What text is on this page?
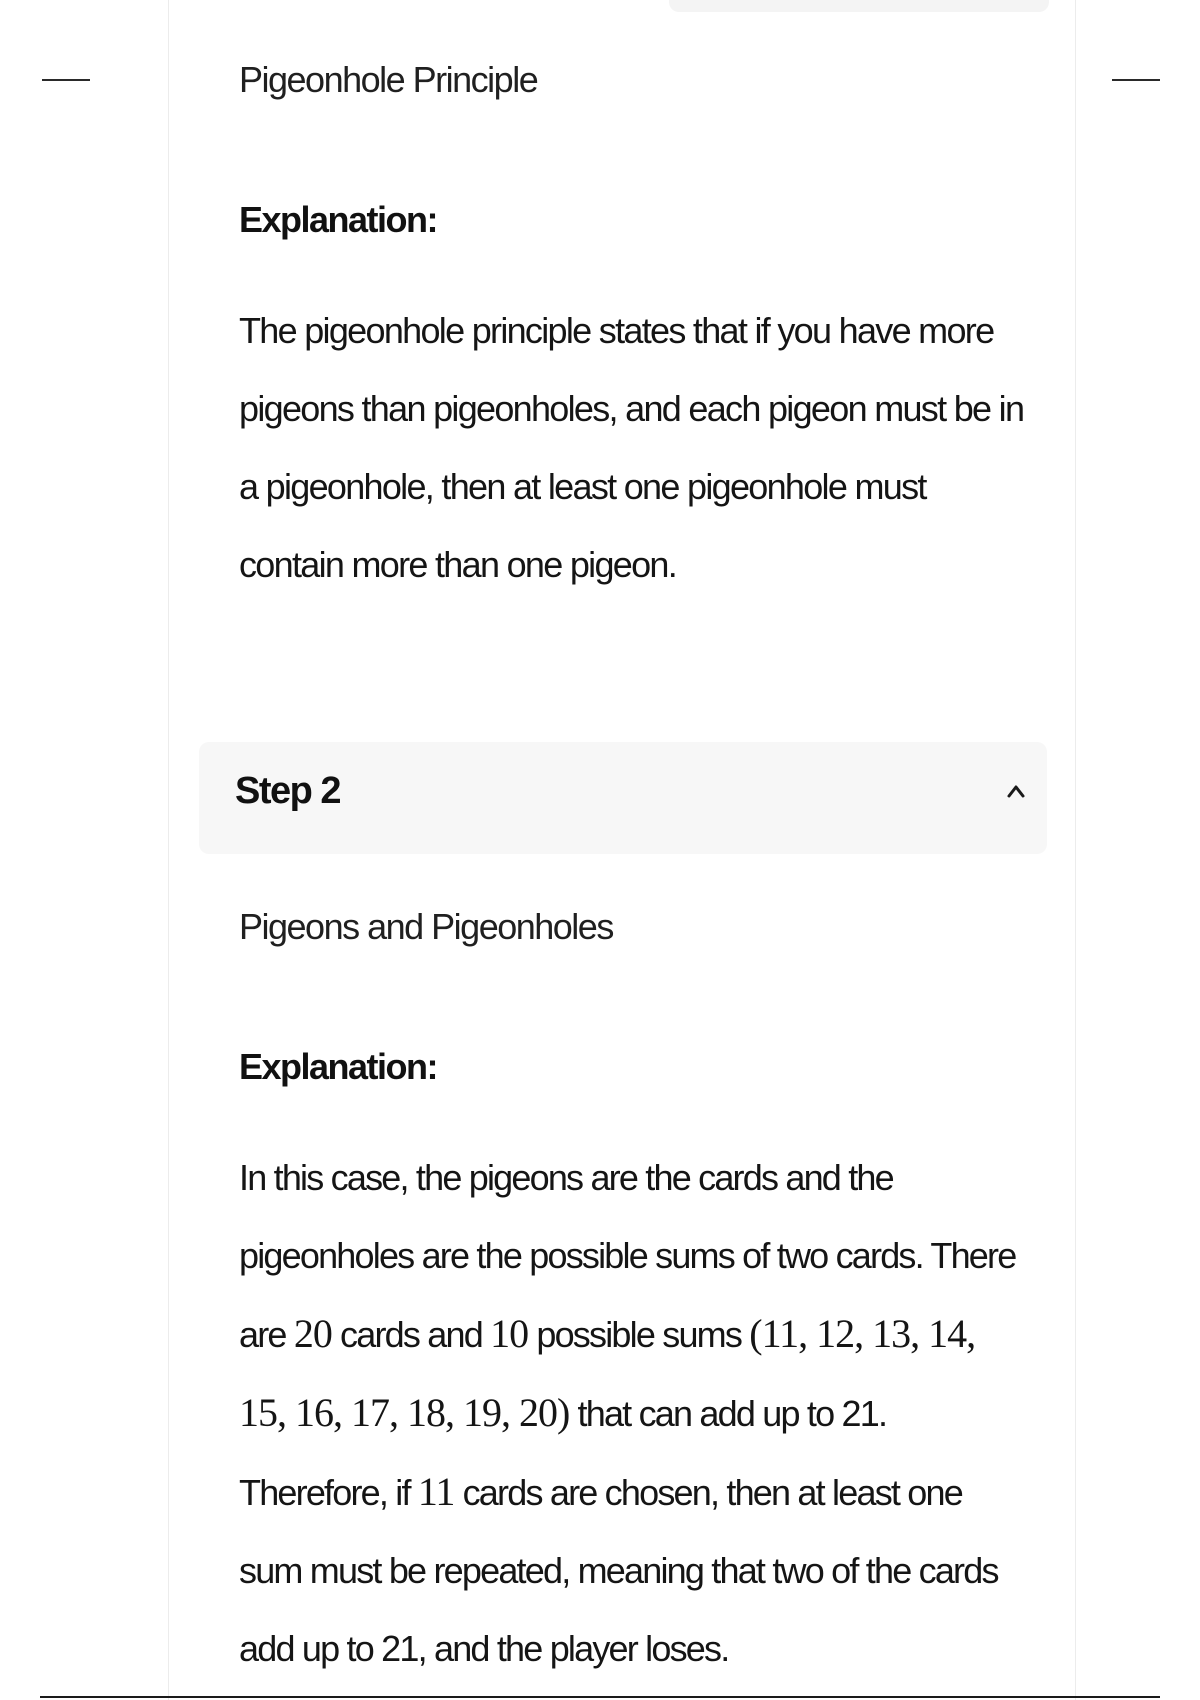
Pigeonhole Principle
Explanation:
The pigeonhole principle states that if you have more pigeons than pigeonholes, and each pigeon must be in a pigeonhole, then at least one pigeonhole must contain more than one pigeon.
Step 2
Pigeons and Pigeonholes
Explanation:
In this case, the pigeons are the cards and the pigeonholes are the possible sums of two cards. There are 20 cards and 10 possible sums (11, 12, 13, 14, 15, 16, 17, 18, 19, 20) that can add up to 21. Therefore, if 11 cards are chosen, then at least one sum must be repeated, meaning that two of the cards add up to 21, and the player loses.
